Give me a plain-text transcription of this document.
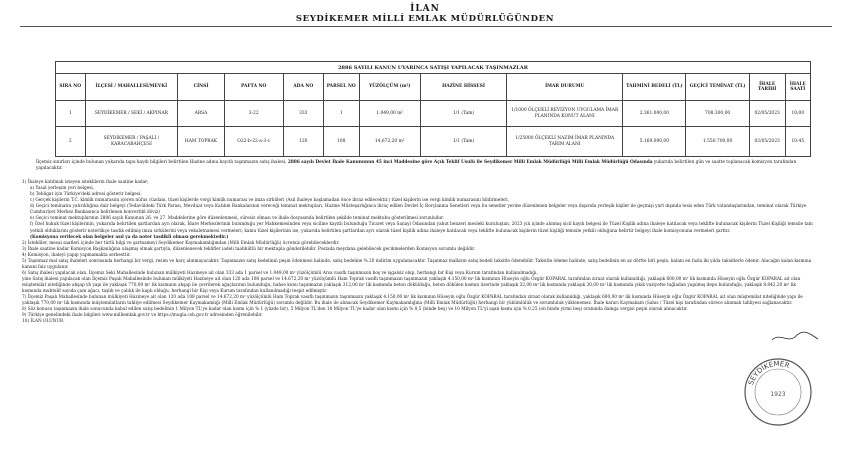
İLAN
SEYDİKEMER MİLLİ EMLAK MÜDÜRLÜĞÜNDEN
2886 SAYILI KANUN UYARINCA SATIŞI YAPILACAK TAŞINMAZLAR												
SIRA NO	İLÇESİ / MAHALLESİ/MEVKİ	CİNSİ	PAFTA NO	ADA NO	PARSEL NO	YÜZÖLÇÜM (m²)	HAZİNE HİSSESİ	İMAR DURUMU	TAHMİNİ BEDELİ (TL)	GEÇİCİ TEMİNAT (TL)	İHALE TARİHİ	İHALE SAATİ
1	SEYDİKEMER / SEKİ / AKPINAR	ARSA	3-22	333	1	1.049,00 m²	1/1 (Tam)	1/1000 ÖLÇEKLİ REVİZYON UYGULAMA İMAR PLANINDA KONUT ALANI	2.361.000,00	708.300,00	02/05/2023	10:00
2	SEYDİKEMER / PAŞALI / KARACABAHÇESİ	HAM TOPRAK	O22-b-22-a-3-c	120	108	14.672,20 m²	1/1 (Tam)	1/25000 ÖLÇEKLİ NAZIM İMAR PLANINDA TARIM ALANI	5.169.000,00	1.550.700,00	02/05/2023	10:45
İlçemiz sınırları içinde bulunan yukarıda tapu kaydı bilgileri belirtilen Hazine adına kayıtlı taşınmazın satış ihalesi, 2886 sayılı Devlet İhale Kanununun 45 inci Maddesine göre Açık Teklif Usulü ile Seydikemer Milli Emlak Müdürlüğü Milli Emlak Müdürlüğü Odasında yukarıda belirtilen gün ve saatte toplanacak komisyon tarafından yapılacaktır.
1) İhaleye katılmak isteyen isteklilerin ihale saatine kadar;
a) Yasal yerleşim yeri belgesi,
b) Tebligat için Türkiye'deki adresi gösterir belgesi,
c) Gerçek kişilerin T.C. kimlik numarasını içeren nüfus cüzdanı, tüzel kişilerde vergi kimlik numarası ve imza sirküleri (Asıl ihaleye başlamadan önce ibraz edilecektir.) tüzel kişilerin ise vergi kimlik numarasını bildirmeleri,
d) Geçici teminatın yatırıldığına dair belgeyi (Tedavüldeki Türk Parası, Mevduat veya Katılım Bankalarının vereceği teminat mektupları, Hazine Müsteşarlığınca ihraç edilen Devlet İç Borçlanma Senetleri veya bu senetler yerine düzenlenen belgeler veya dışarıda yerleşik kişiler ile geçmişi yurt dışında tesis eden Türk vatandaşlarından, teminat olarak Türkiye Cumhuriyet Merkez Bankasınca belirlenen konvertibl döviz)
e) Geçici teminat mektuplarının 2886 sayılı Kanunun 26. ve 27. Maddelerine göre düzenlenmesi, süresiz olması ve ihale dosyasında belirtilen şekilde teminat mektubu gösterilmesi zorunludur.
f) Özel hukuk tüzel kişilerinin, yukarıda belirtilen şartlardan ayrı olarak, İdare Merkezlerinin bulunduğu yer Mahkemesinden veya siciline kayıtlı bulunduğu Ticaret veya Sanayi Odasından yahut benzeri mesleki kuruluştan, 2023 yılı içinde alınmış sicil kaydı belgesi ile Tüzel Kişilik adına ihaleye katılacak veya teklifte bulunacak kişilerin Tüzel Kişiliği temsile tam yetkili olduklarını gösterir noterlikçe tasdik edilmiş imza sirkülerini veya vekaletnamesi vermeleri; kamu tüzel kişilerinin ise, yukarıda belirtilen şartlardan ayrı olarak tüzel kişilik adına ihaleye katılacak veya teklifte bulunacak kişilerin tüzel kişiliği temsile yetkili olduğuna belirtir belgeyi ihale komisyonuna vermeleri şarttır.
(Komisyona verilecek olan belgeler asıl ya da noter tasdikli olması gerekmektedir.)
2) İstekliler, mesai saatleri içinde her türlü bilgi ve şartnameyi Seydikemer Kaymakamlığından (Milli Emlak Müdürlüğü) ücretsiz görebileceklerdir.
3) İhale saatine kadar Komisyon Başkanlığına ulaşmış olmak şartıyla, düzenlenecek teklifler iadeli taahhütlü bir mektupla gönderilebilir. Postada meydana gelebilecek gecikmelerden Komisyon sorumlu değildir.
4) Komisyon, ihaleyi yapıp yapmamakta serbesttir.
5) Taşınmaz mal satış ihaleleri sonrasında herhangi bir vergi, resim ve harç alınmayacaktır. Taşınmazın satış bedelinin peşin ödenmesi halinde, satış bedeline % 20 indirim uygulanacaktır. Taşınmaz malların satış bedeli taksitle ödenebilir. Taksitle ödeme halinde, satış bedelinin en az dörtte biri peşin, kalanı en fazla iki yılda taksitlerle ödenir. Alacağın kalan kısmına kanuni faiz uygulanır.
6) Satış ihalesi yapılacak olan, İlçemiz Seki Mahallesinde bulunan mülkiyeti Hazineye ait olan 333 ada 1 parsel ve 1.049,00 m² yüzölçümlü Arsa vasıflı taşınmazın boş ve işgalsiz olup, herhangi bir Kişi veya Kurum tarafından kullanılmadığı,
yine Satış ihalesi yapılacak olan İlçemiz Paşalı Mahallesinde bulunan mülkiyeti Hazineye ait olan 120 ada 108 parsel ve 14.672,20 m² yüzölçümlü Ham Toprak vasıflı taşınmazın taşınmazın yaklaşık 4.150,00 m² lik kısmının Hüseyin oğlu Özgür KOPARAL tarafından ziraat olarak kullanıldığı, yaklaşık 600,00 m² lik kısmında Hüseyin oğlu Özgür KOPARAL ait olan müştemilat niteliğinde ahşap vb yapı ile yaklaşık 770,00 m² lik kısmının ahşap ile çevrilerek ağaçlarının bulunduğu, bahse konu taşınmazın yaklaşık 312,00 m² lik kısmında beton dökülduğu, beton dökülen kısmın üzerinde yaklaşık 32,00 m² lik kısmında yaklaşık 30,00 m² lik kısmında yıkık vaziyette tuğladan yapılmış depo bulunduğu, yaklaşık 8.842,20 m² lik kısmında muhtelif sayıda çam ağacı, taşlık ve çalılık ile kaplı olduğu, herhangi bir Kişi veya Kurum tarafından kullanılmadığı tespit edilmiştir.
7) İlçemiz Paşalı Mahallesinde bulunan mülkiyeti Hazineye ait olan 120 ada 108 parsel ve 14.672,20 m² yüzölçümlü Ham Toprak vasıflı taşınmazın taşınmazın yaklaşık 4.150,00 m² lik kısmının Hüseyin oğlu Özgür KOPARAL tarafından ziraat olarak kullanıldığı, yaklaşık 600,00 m² lik kısmında Hüseyin oğlu Özgür KOPARAL ait olan müştemilat niteliğinde yapı ile yaklaşık 770,00 m² lik kısmında müştemilatların tahliye edilmesi Seydikemer Kaymakamlığı (Milli Emlak Müdürlüğü) sorumlu değildir. Bu ihale ile alınacak Seydikemer Kaymakamlığına (Milli Emlak Müdürlüğü) herhangi bir yükümlülük ve sorumluluk yüklenemez. İhale kararı Kaymakam (Sahıs / Tüzel kişi tarafından sürece alınmalı tahliyesi sağlanacaktır.
8) Söz konusu taşınmazın ihale sonucunda kabul edilen satış bedelinin 1 Milyon TL'ye kadar olan kısmı için % 1 (yüzde bir), 5 Milyon TL'den 10 Milyon TL'ye kadar olan kısmı için % 0,5 (binde beş) ve 10 Milyon TL'yi aşan kısmı için % 0,25 (on binde yirmi beş) oranında damga vergisi peşin olarak alınacaktır.
9) Türkiye genelindeki ihale bilgileri www.milliemlak.gov.tr ve https://mugla.csb.gov.tr adresinden öğrenilebilir.
10) İLAN OLUNUR.
SEYDİKEMER
1923
